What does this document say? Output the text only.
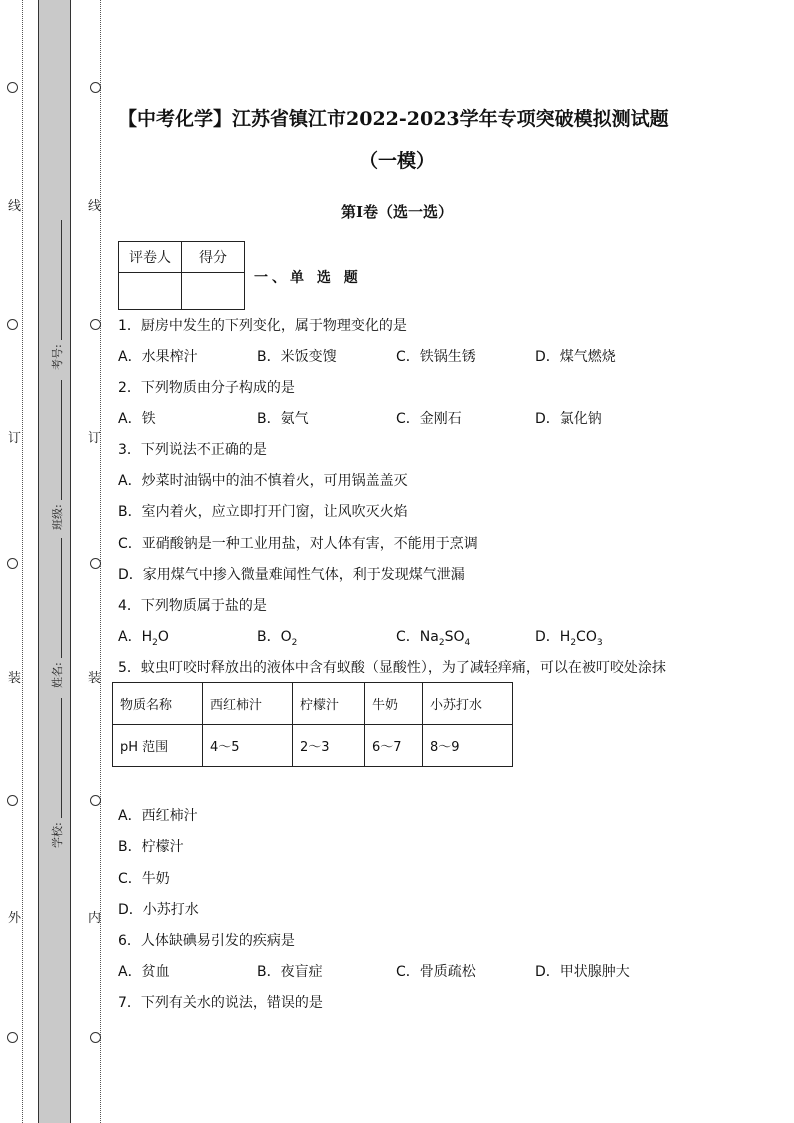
线
订
装
外
线
订
装
内
考号:
班级:
姓名:
学校:
【中考化学】江苏省镇江市2022-2023学年专项突破模拟测试题
（一模）
第I卷（选一选）
评卷人	得分

一、单 选 题
1．厨房中发生的下列变化，属于物理变化的是
A．水果榨汁	B．米饭变馊	C．铁锅生锈	D．煤气燃烧
2．下列物质由分子构成的是
A．铁	B．氨气	C．金刚石	D．氯化钠
3．下列说法不正确的是
A．炒菜时油锅中的油不慎着火，可用锅盖盖灭
B．室内着火，应立即打开门窗，让风吹灭火焰
C．亚硝酸钠是一种工业用盐，对人体有害，不能用于烹调
D．家用煤气中掺入微量难闻性气体，利于发现煤气泄漏
4．下列物质属于盐的是
A．$H_2O$	B．$O_2$	C．$Na_2SO_4$	D．$H_2CO_3$
5．蚊虫叮咬时释放出的液体中含有蚁酸（显酸性），为了减轻痒痛，可以在被叮咬处涂抹
物质名称	西红柿汁	柠檬汁	牛奶	小苏打水
pH 范围	4～5	2～3	6～7	8～9
A．西红柿汁
B．柠檬汁
C．牛奶
D．小苏打水
6．人体缺碘易引发的疾病是
A．贫血	B．夜盲症	C．骨质疏松	D．甲状腺肿大
7．下列有关水的说法，错误的是
